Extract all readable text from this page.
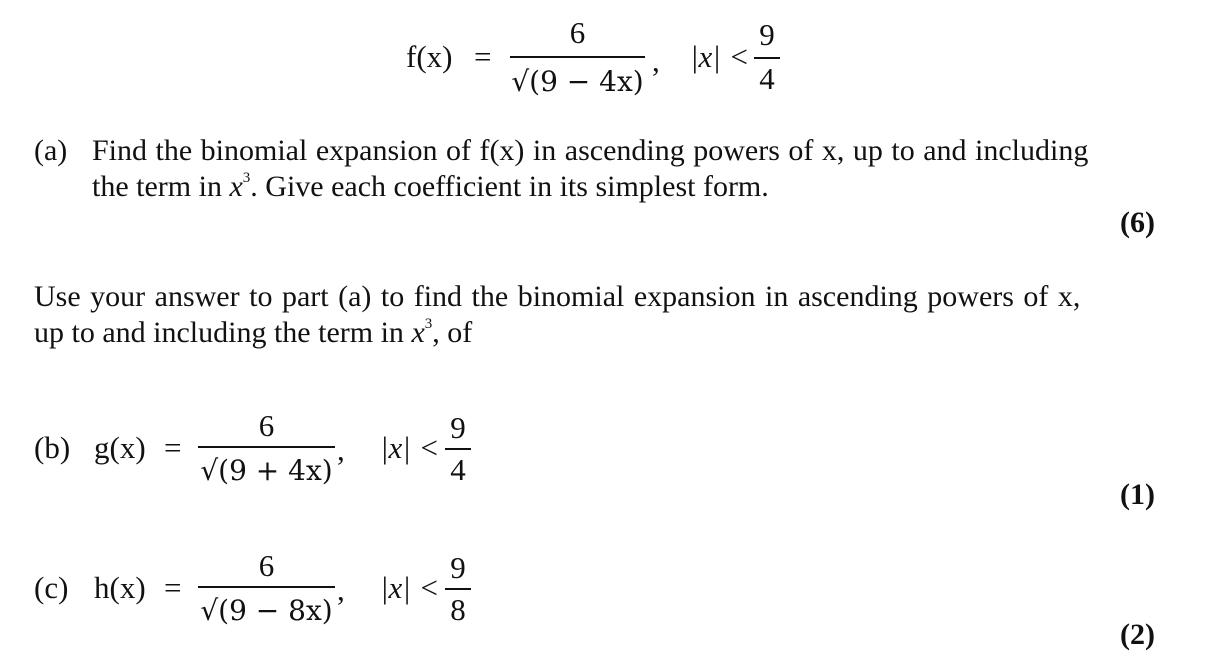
f(x) =
6
√(9 − 4x)
, |x| <
9
4
(a) Find the binomial expansion of f(x) in ascending powers of x, up to and including
the term in $x^3$. Give each coefficient in its simplest form.
(6)
Use your answer to part (a) to find the binomial expansion in ascending powers of x,
up to and including the term in $x^3$, of
(b) g(x) =
6
√(9 + 4x)
, |x| <
9
4
(1)
(c) h(x) =
6
√(9 − 8x)
, |x| <
9
8
(2)
